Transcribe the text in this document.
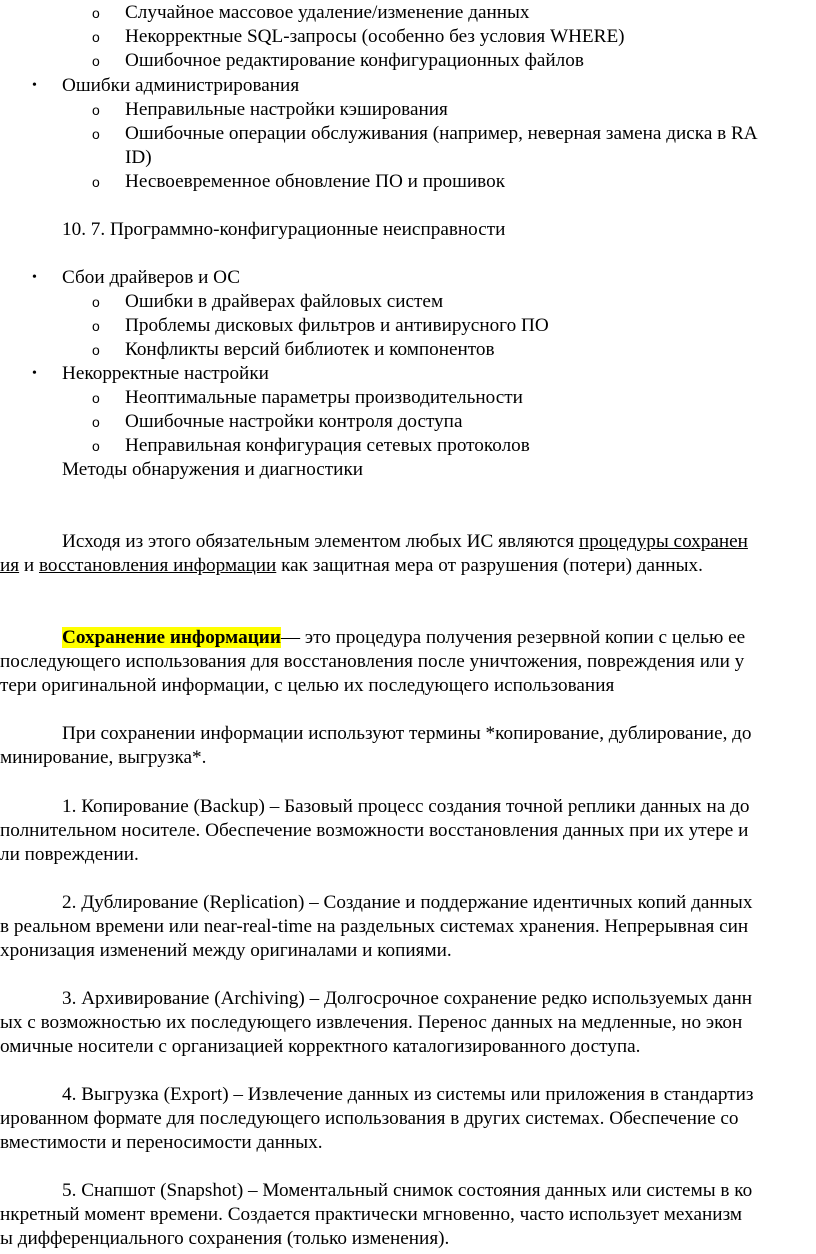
o Случайное массовое удаление/изменение данных
o Некорректные SQL-запросы (особенно без условия WHERE)
o Ошибочное редактирование конфигурационных файлов
• Ошибки администрирования
o Неправильные настройки кэширования
o Ошибочные операции обслуживания (например, неверная замена диска в RA
ID)
o Несвоевременное обновление ПО и прошивок
10. 7. Программно-конфигурационные неисправности
• Сбои драйверов и ОС
o Ошибки в драйверах файловых систем
o Проблемы дисковых фильтров и антивирусного ПО
o Конфликты версий библиотек и компонентов
• Некорректные настройки
o Неоптимальные параметры производительности
o Ошибочные настройки контроля доступа
o Неправильная конфигурация сетевых протоколов
Методы обнаружения и диагностики
Исходя из этого обязательным элементом любых ИС являются процедуры сохранен
ия и восстановления информации как защитная мера от разрушения (потери) данных.
Сохранение информации— это процедура получения резервной копии с целью ее
последующего использования для восстановления после уничтожения, повреждения или у
тери оригинальной информации, с целью их последующего использования
При сохранении информации используют термины *копирование, дублирование, до
минирование, выгрузка*.
1. Копирование (Backup) – Базовый процесс создания точной реплики данных на до
полнительном носителе. Обеспечение возможности восстановления данных при их утере и
ли повреждении.
2. Дублирование (Replication) – Создание и поддержание идентичных копий данных
в реальном времени или near-real-time на раздельных системах хранения. Непрерывная син
хронизация изменений между оригиналами и копиями.
3. Архивирование (Archiving) – Долгосрочное сохранение редко используемых данн
ых с возможностью их последующего извлечения. Перенос данных на медленные, но экон
омичные носители с организацией корректного каталогизированного доступа.
4. Выгрузка (Export) – Извлечение данных из системы или приложения в стандартиз
ированном формате для последующего использования в других системах. Обеспечение со
вместимости и переносимости данных.
5. Снапшот (Snapshot) – Моментальный снимок состояния данных или системы в ко
нкретный момент времени. Создается практически мгновенно, часто использует механизм
ы дифференциального сохранения (только изменения).
